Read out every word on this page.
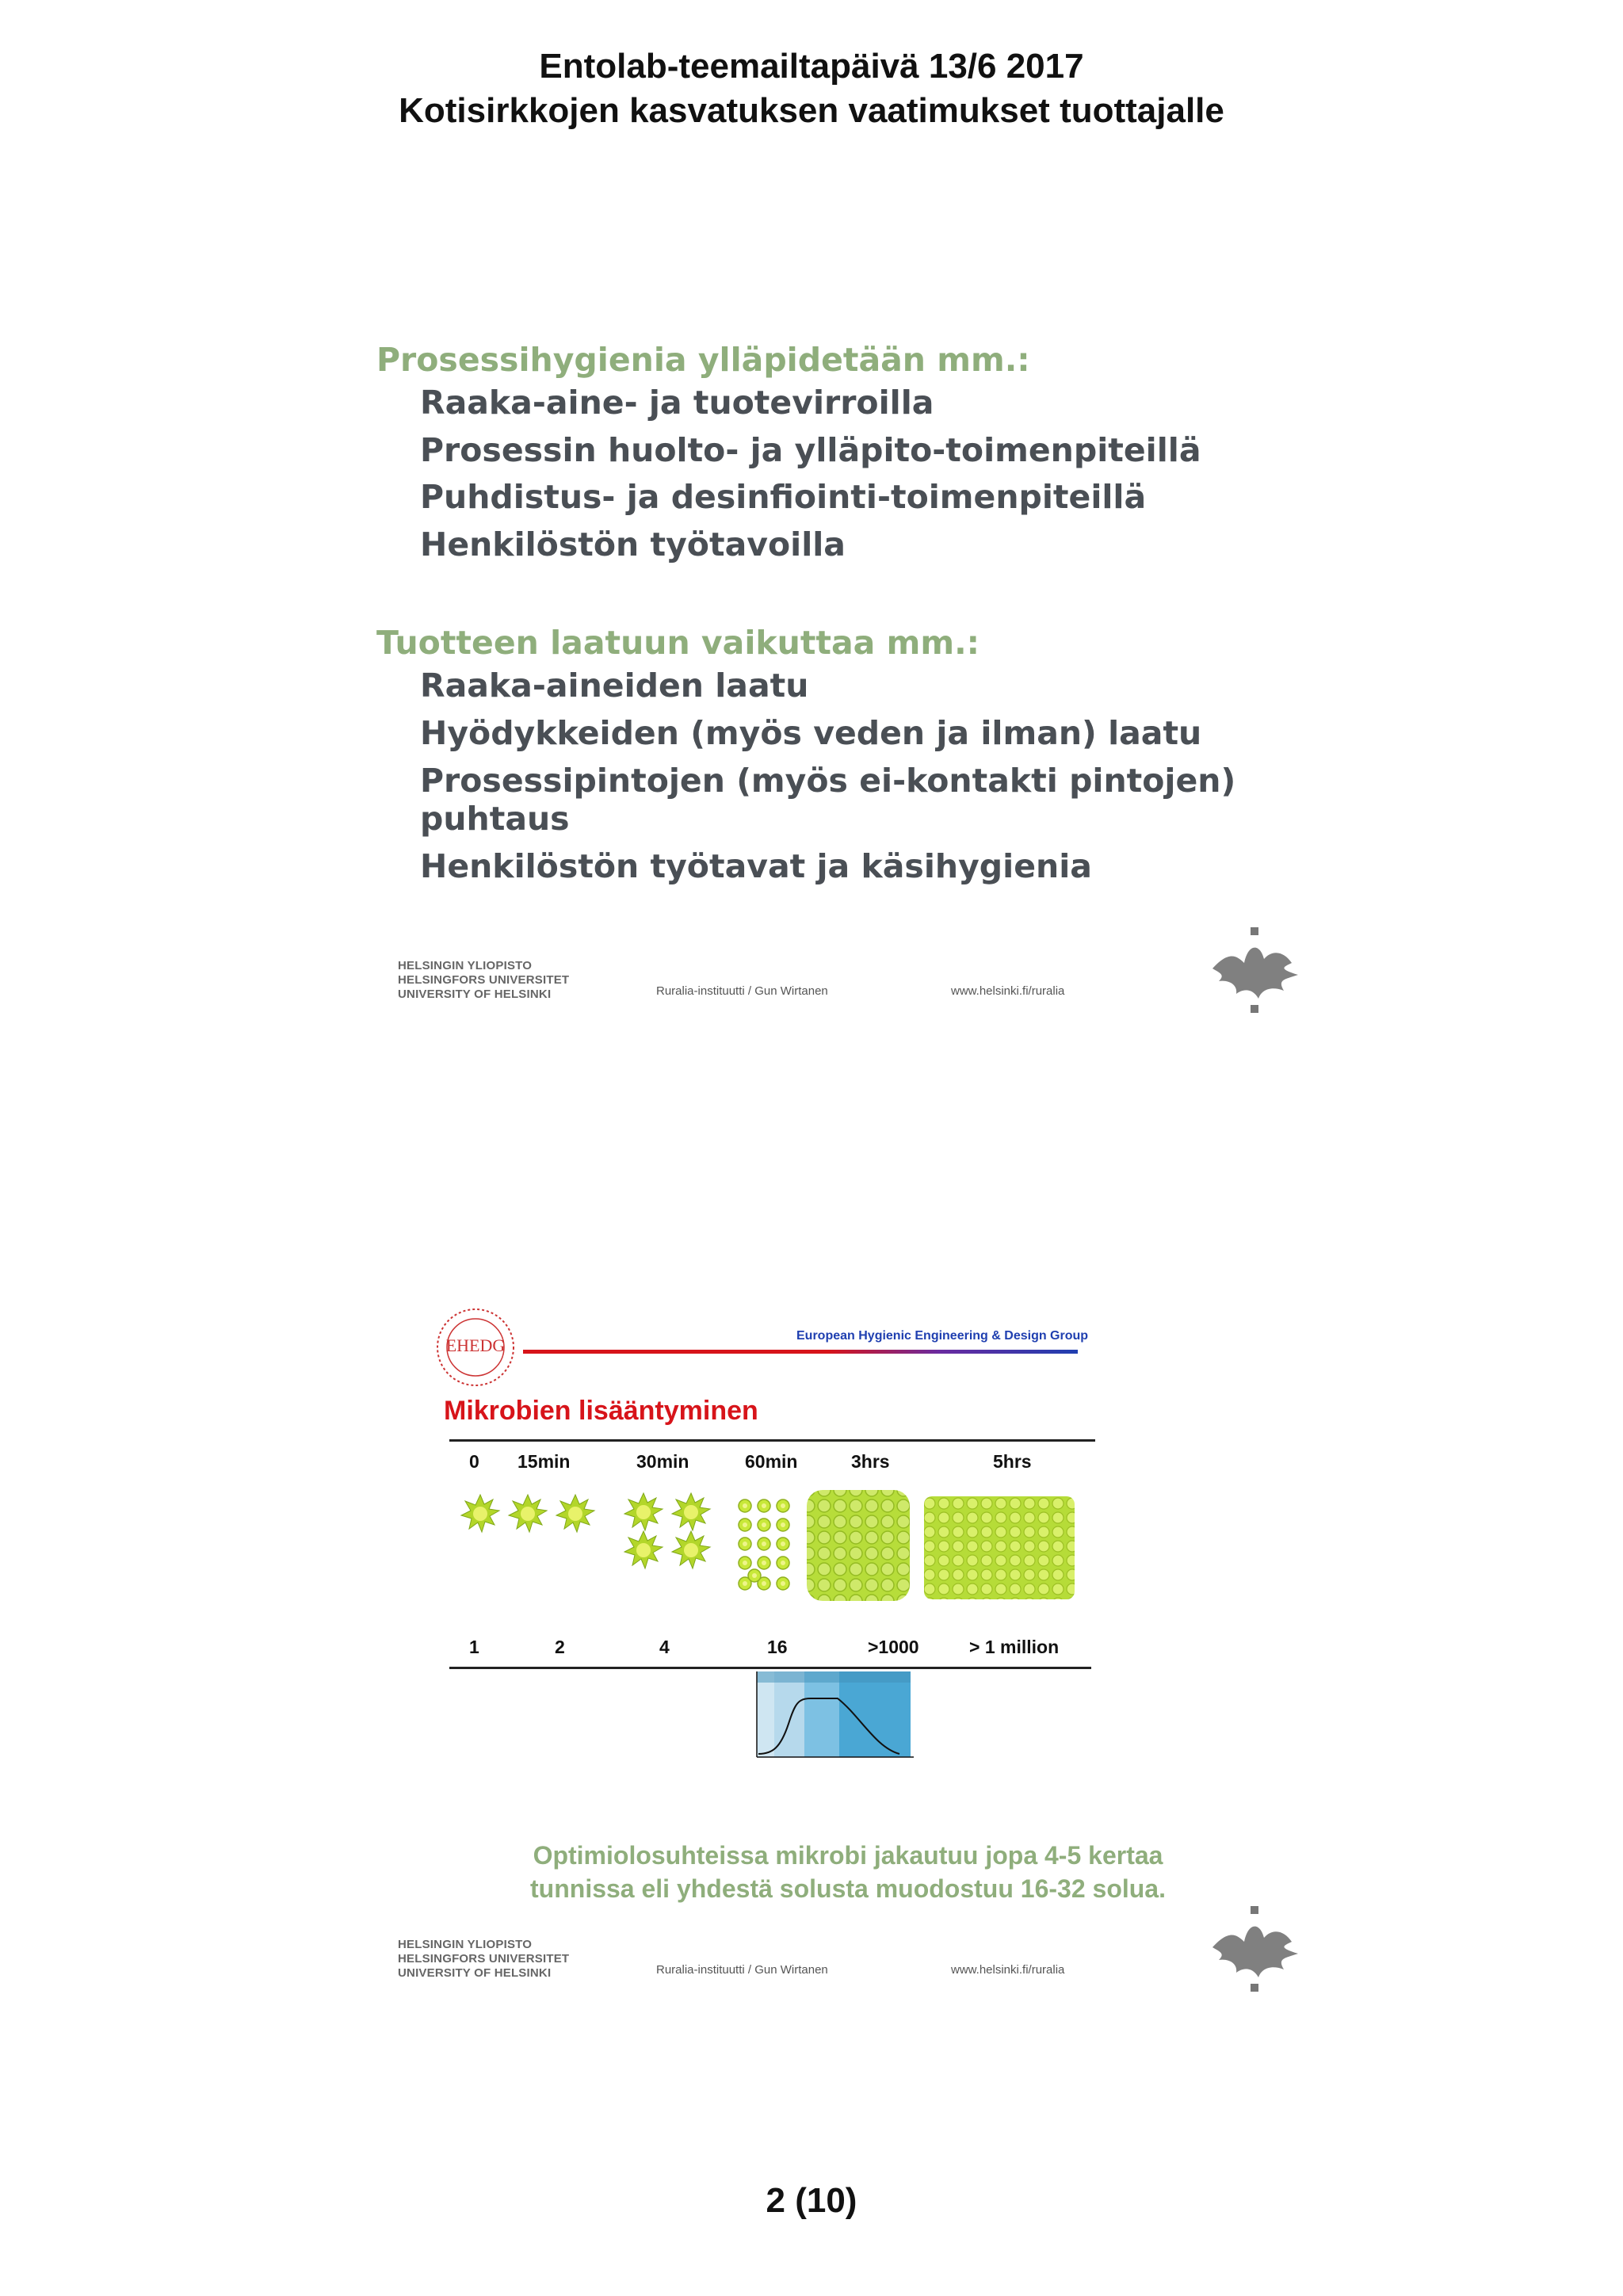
Entolab-teemailtapäivä 13/6 2017
Kotisirkkojen kasvatuksen vaatimukset tuottajalle
Prosessihygienia ylläpidetään mm.:
Raaka-aine- ja tuotevirroilla
Prosessin huolto- ja ylläpito-toimenpiteillä
Puhdistus- ja desinfiointi-toimenpiteillä
Henkilöstön työtavoilla
Tuotteen laatuun vaikuttaa mm.:
Raaka-aineiden laatu
Hyödykkeiden (myös veden ja ilman) laatu
Prosessipintojen (myös ei-kontakti pintojen)
puhtaus
Henkilöstön työtavat ja käsihygienia
HELSINGIN YLIOPISTO
HELSINGFORS UNIVERSITET
UNIVERSITY OF HELSINKI	Ruralia-instituutti / Gun Wirtanen	www.helsinki.fi/ruralia
EHEDG	European Hygienic Engineering & Design Group
Mikrobien lisääntyminen
0 15min	30min	60min	3hrs	5hrs
1	2	4	16	>1000	> 1 million
Optimiolosuhteissa mikrobi jakautuu jopa 4-5 kertaa
tunnissa eli yhdestä solusta muodostuu 16-32 solua.
HELSINGIN YLIOPISTO
HELSINGFORS UNIVERSITET
UNIVERSITY OF HELSINKI	Ruralia-instituutti / Gun Wirtanen	www.helsinki.fi/ruralia
2 (10)
